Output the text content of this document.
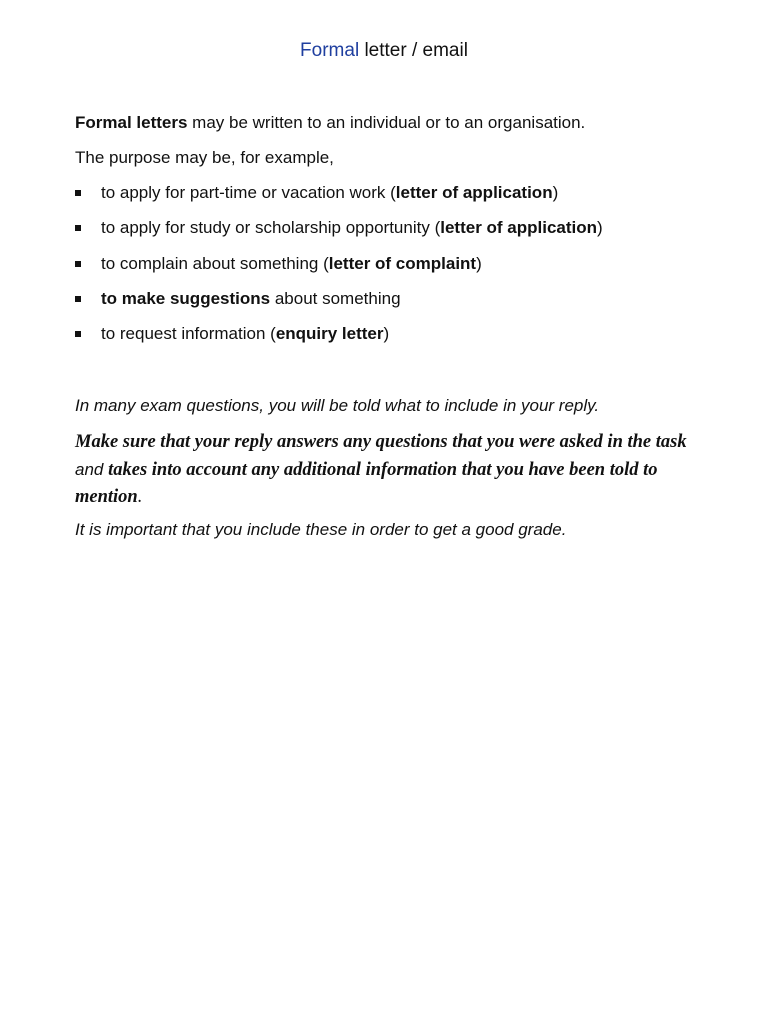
Formal letter / email
Formal letters may be written to an individual or to an organisation.
The purpose may be, for example,
to apply for part-time or vacation work (letter of application)
to apply for study or scholarship opportunity (letter of application)
to complain about something (letter of complaint)
to make suggestions about something
to request information (enquiry letter)
In many exam questions, you will be told what to include in your reply.
Make sure that your reply answers any questions that you were asked in the task and takes into account any additional information that you have been told to mention.
It is important that you include these in order to get a good grade.
